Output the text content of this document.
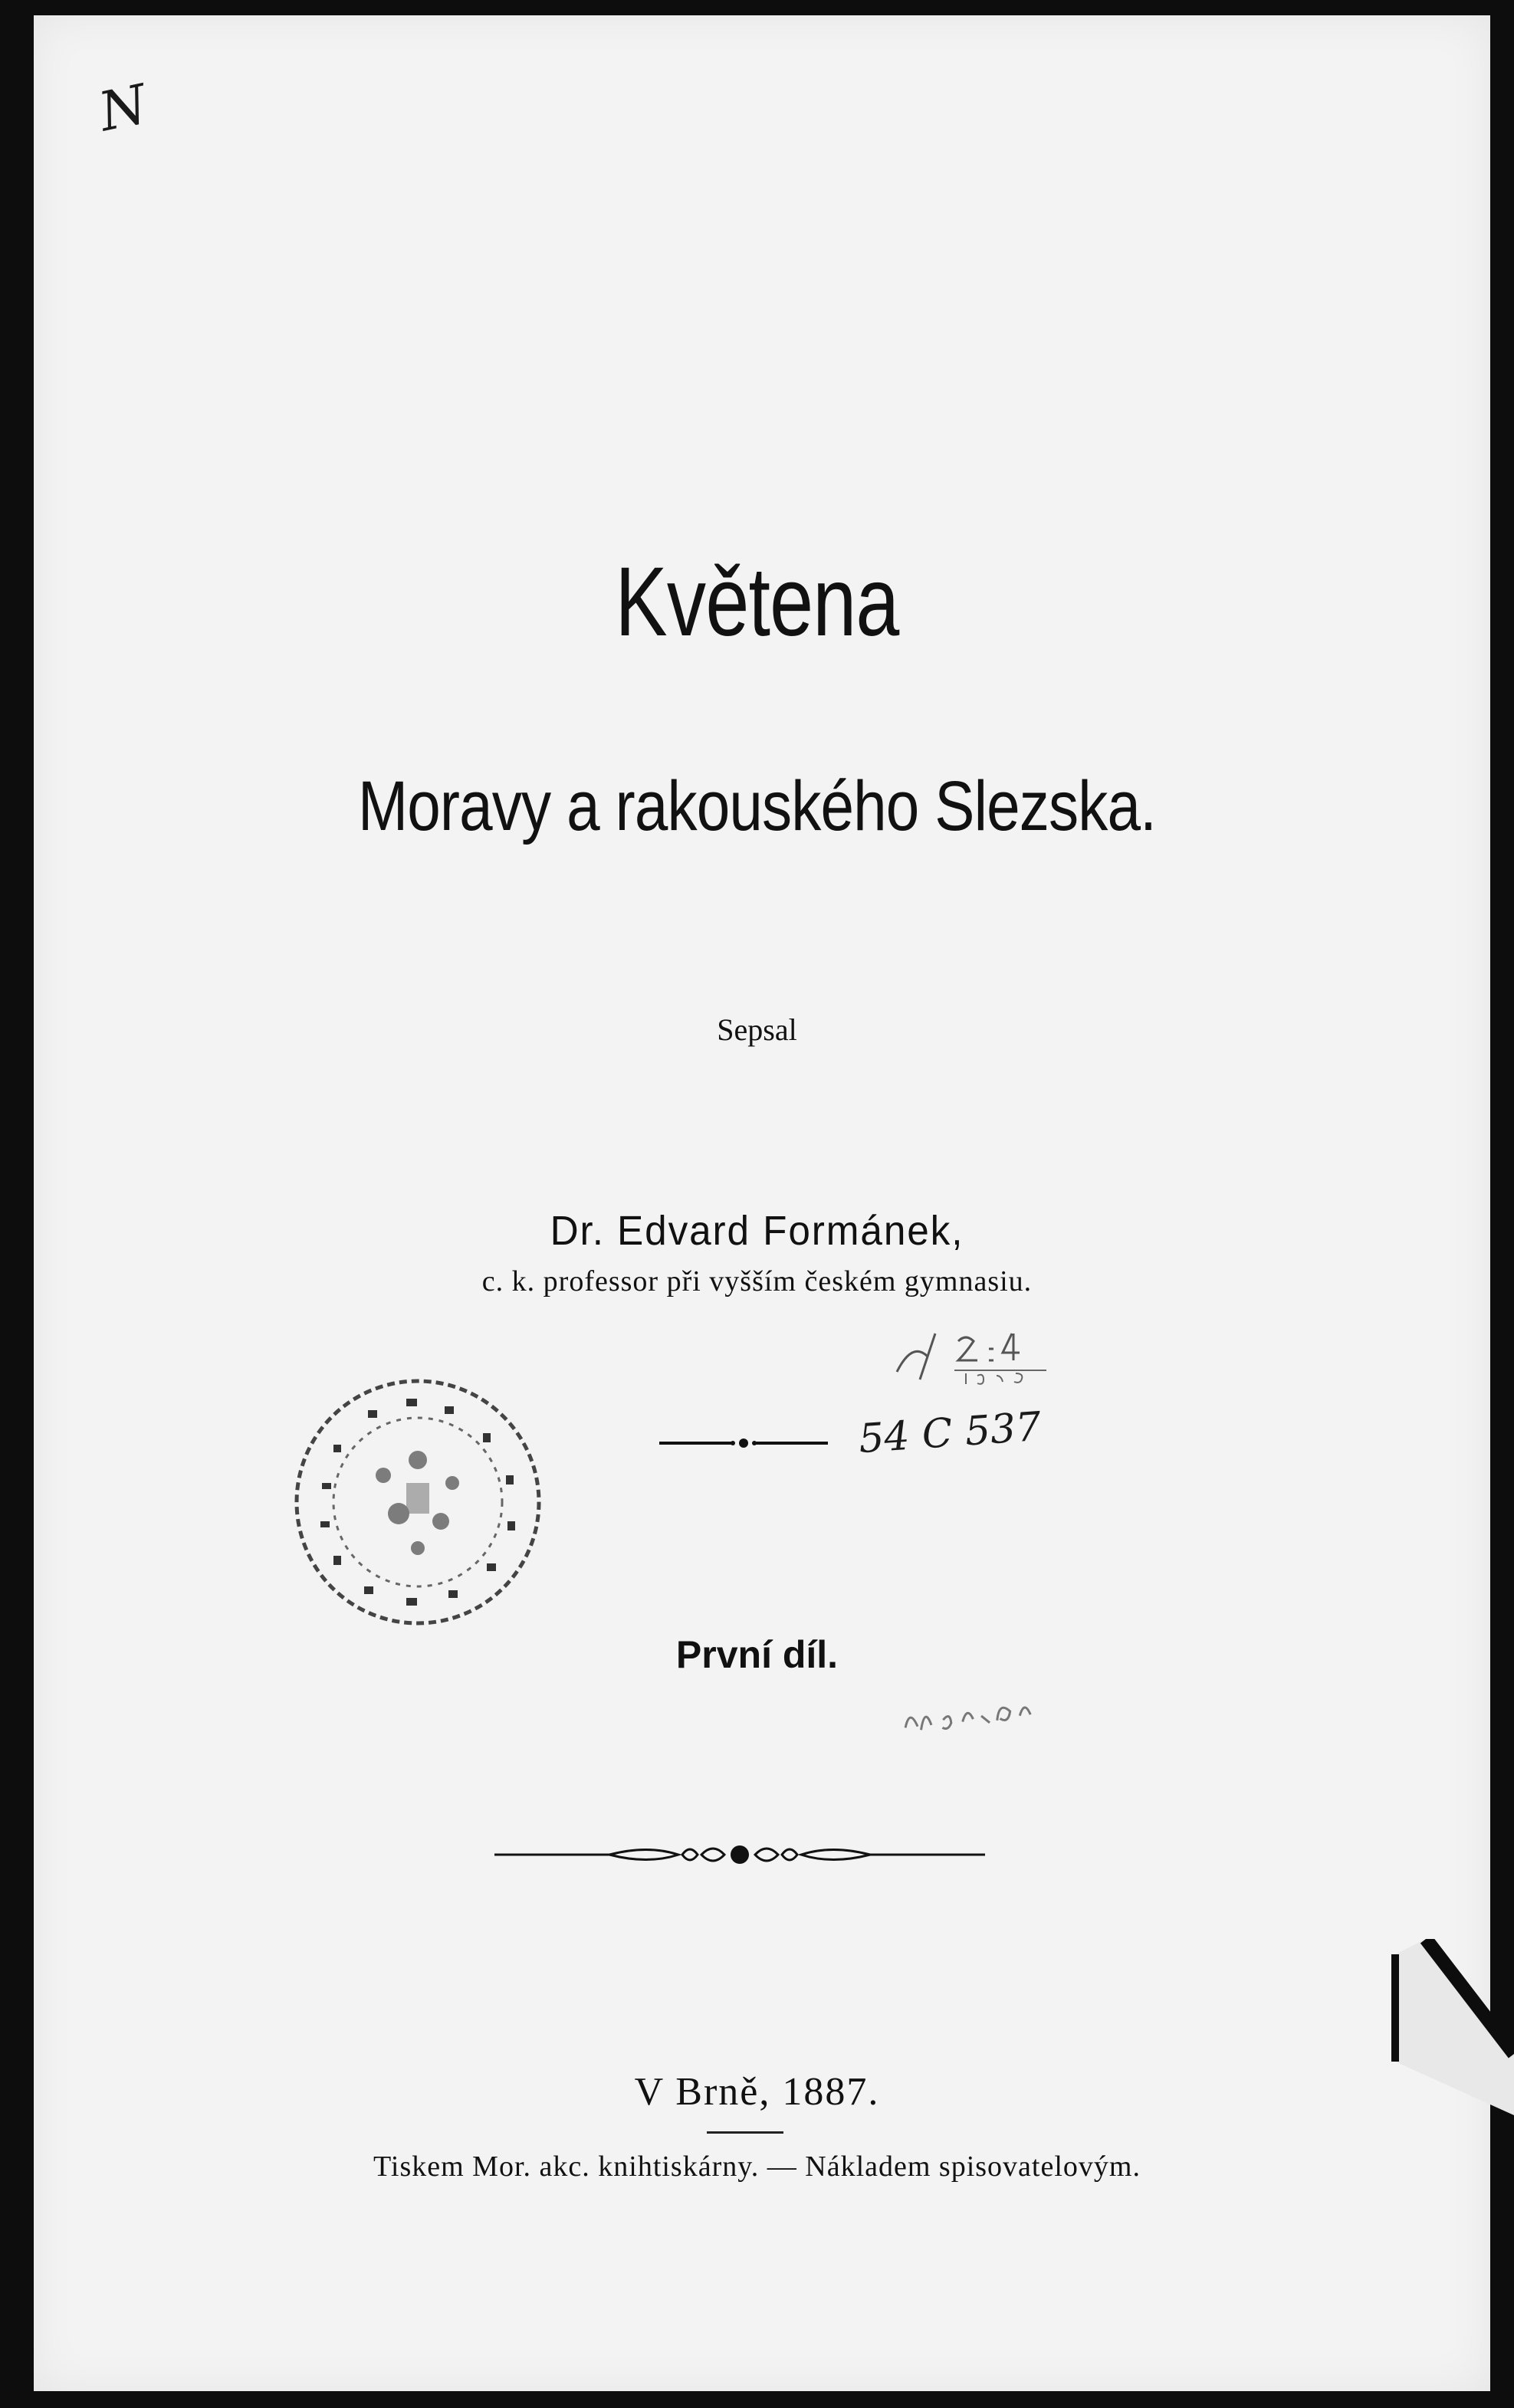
N
Květena
Moravy a rakouského Slezska.
Sepsal
Dr. Edvard Formánek,
c. k. professor při vyšším českém gymnasiu.
54 C 537
První díl.
V Brně, 1887.
Tiskem Mor. akc. knihtiskárny. — Nákladem spisovatelovým.
